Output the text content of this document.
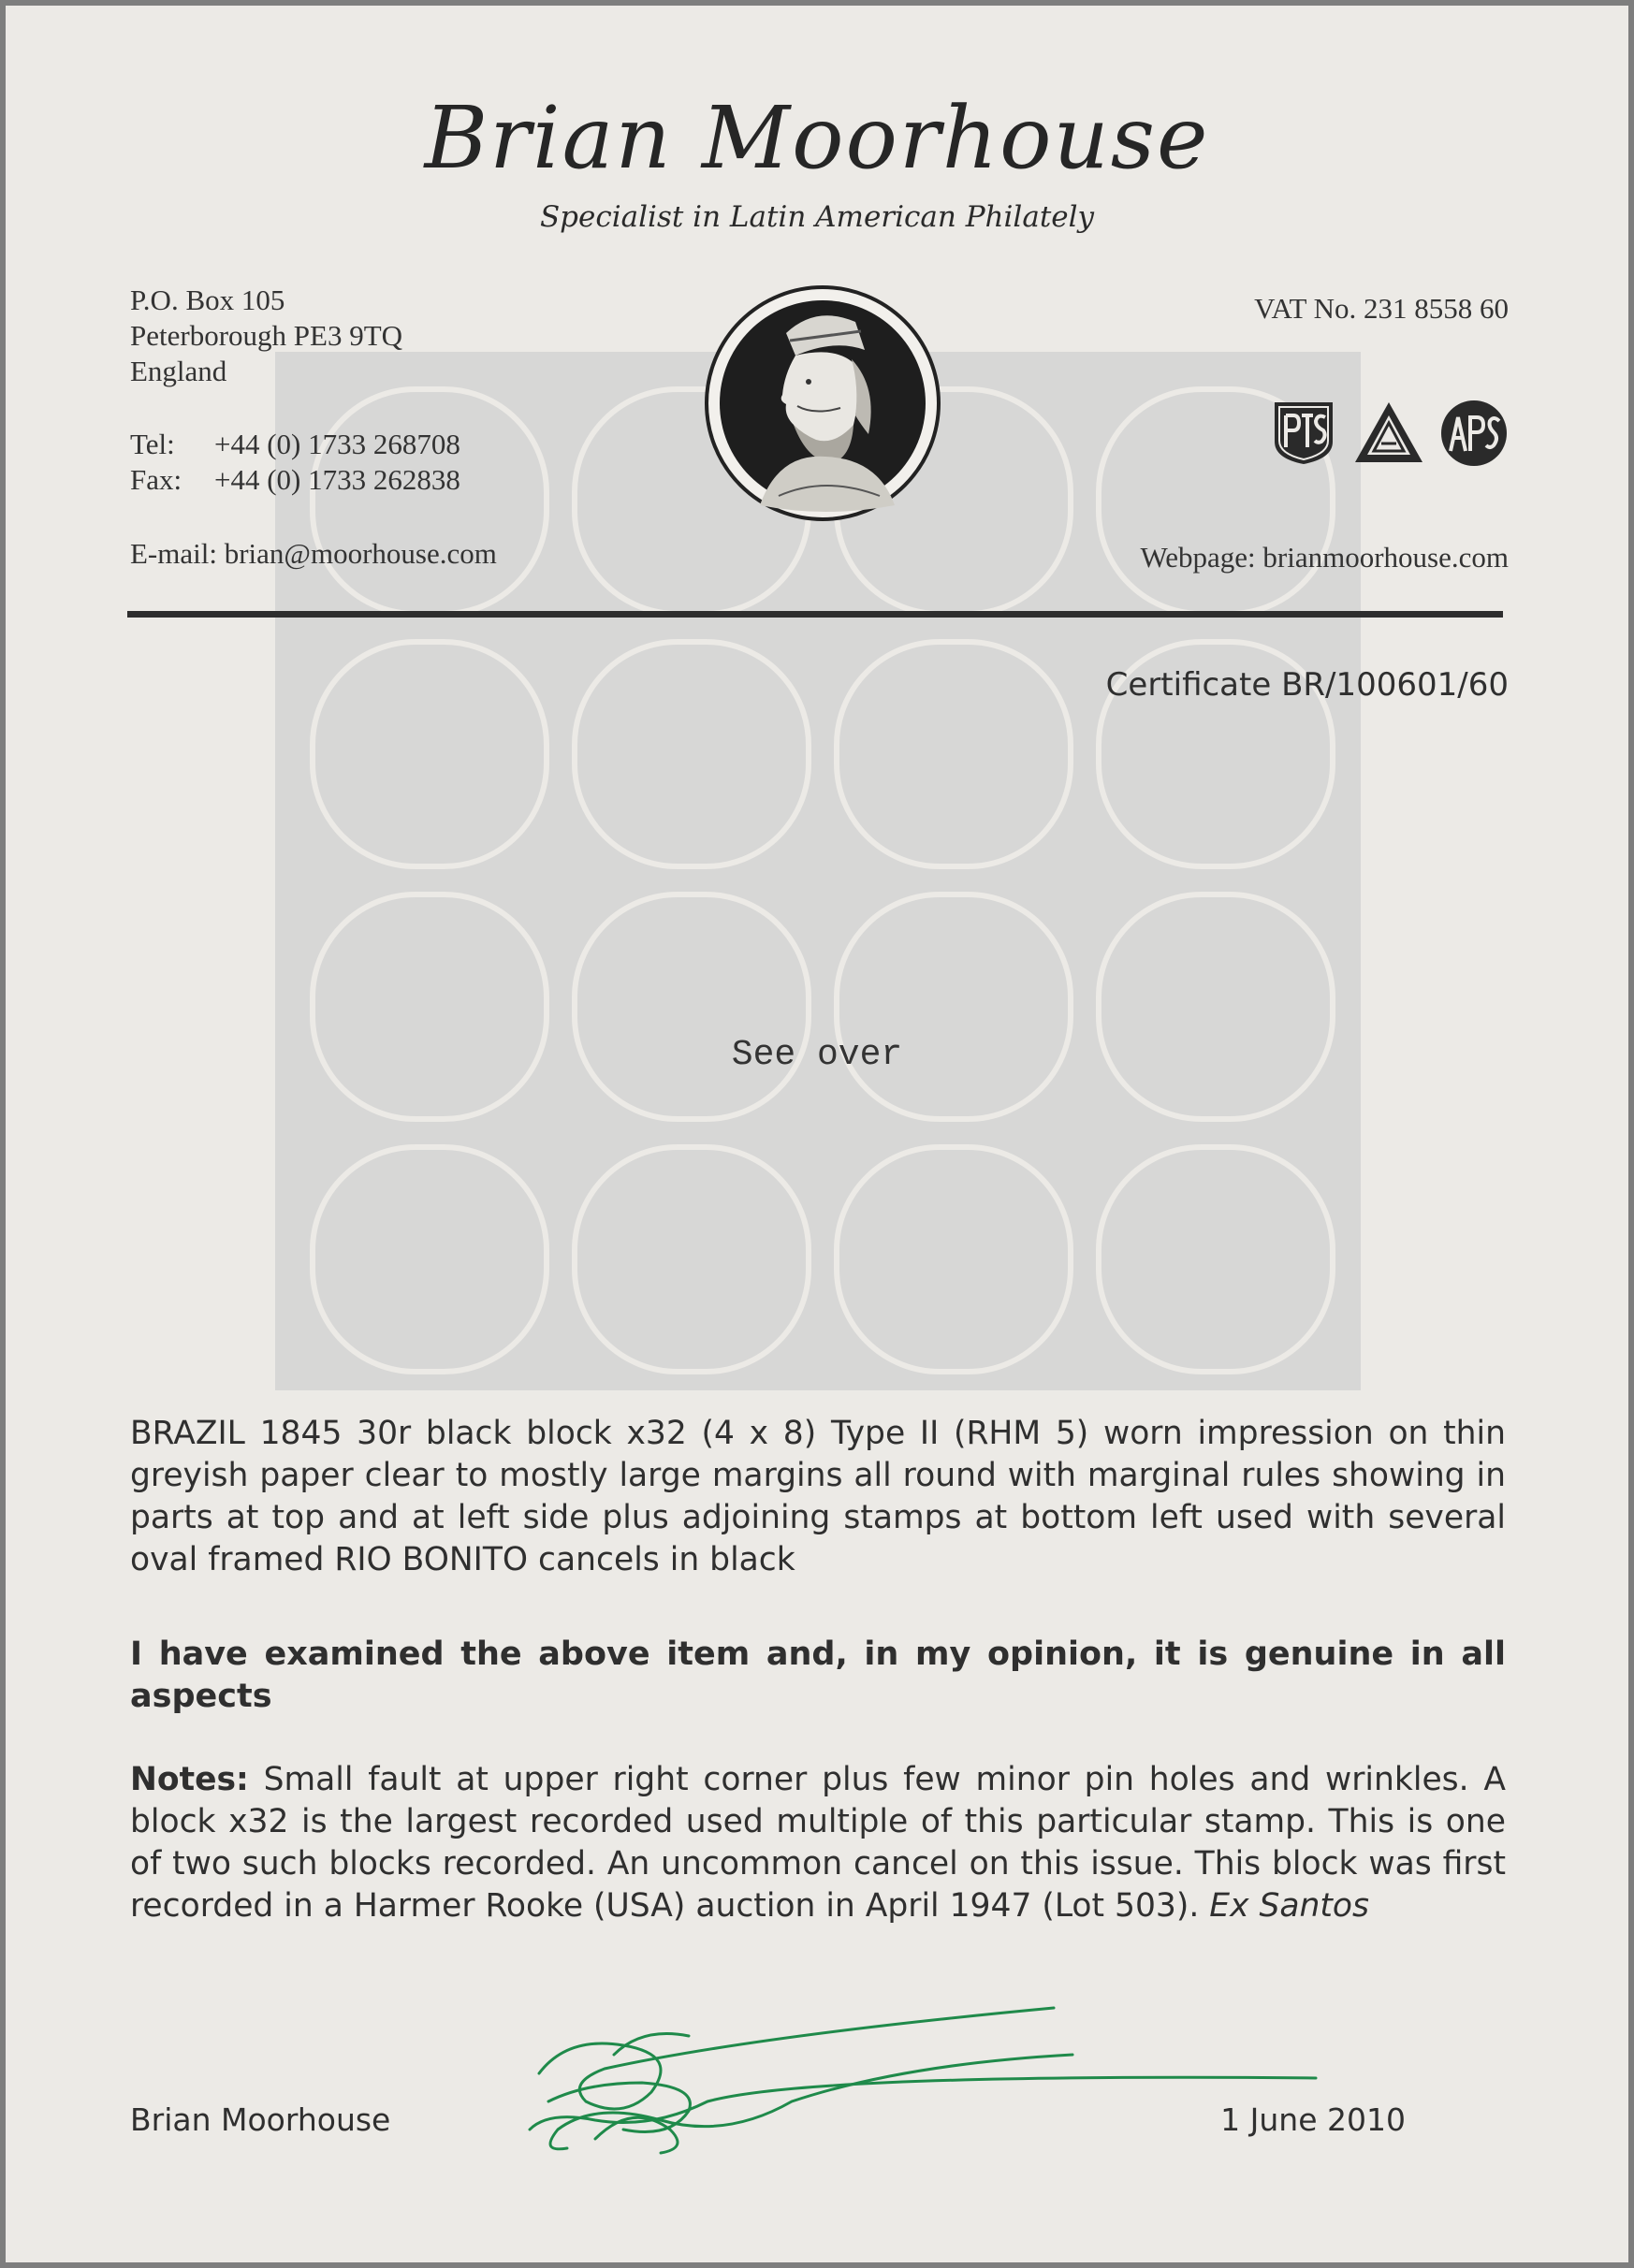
Brian Moorhouse
Specialist in Latin American Philately
P.O. Box 105
Peterborough PE3 9TQ
England
Tel: +44 (0) 1733 268708
Fax: +44 (0) 1733 262838
E-mail: brian@moorhouse.com
VAT No. 231 8558 60
Webpage: brianmoorhouse.com
Certificate BR/100601/60
See over

BRAZIL 1845 30r black block x32 (4 x 8) Type II (RHM 5) worn impression on thin greyish paper clear to mostly large margins all round with marginal rules showing in parts at top and at left side plus adjoining stamps at bottom left used with several oval framed RIO BONITO cancels in black

I have examined the above item and, in my opinion, it is genuine in all aspects

Notes: Small fault at upper right corner plus few minor pin holes and wrinkles. A block x32 is the largest recorded used multiple of this particular stamp. This is one of two such blocks recorded. An uncommon cancel on this issue. This block was first recorded in a Harmer Rooke (USA) auction in April 1947 (Lot 503). Ex Santos

Brian Moorhouse	1 June 2010
